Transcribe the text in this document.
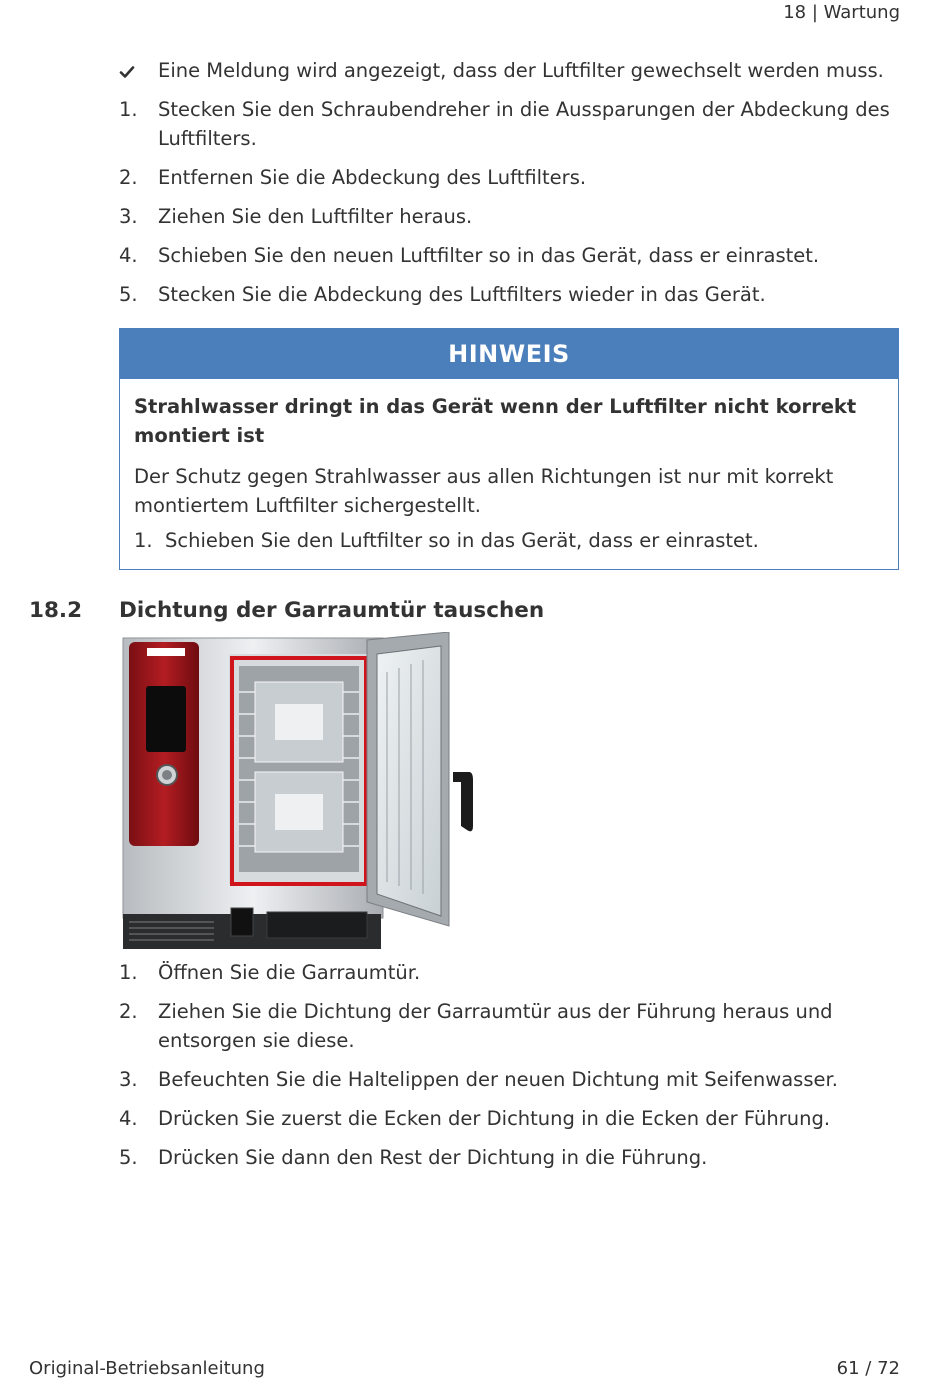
18 | Wartung
Eine Meldung wird angezeigt, dass der Luftfilter gewechselt werden muss.
1. Stecken Sie den Schraubendreher in die Aussparungen der Abdeckung des Luftfilters.
2. Entfernen Sie die Abdeckung des Luftfilters.
3. Ziehen Sie den Luftfilter heraus.
4. Schieben Sie den neuen Luftfilter so in das Gerät, dass er einrastet.
5. Stecken Sie die Abdeckung des Luftfilters wieder in das Gerät.
HINWEIS
Strahlwasser dringt in das Gerät wenn der Luftfilter nicht korrekt montiert ist
Der Schutz gegen Strahlwasser aus allen Richtungen ist nur mit korrekt montiertem Luftfilter sichergestellt.
1. Schieben Sie den Luftfilter so in das Gerät, dass er einrastet.
18.2 Dichtung der Garraumtür tauschen
1. Öffnen Sie die Garraumtür.
2. Ziehen Sie die Dichtung der Garraumtür aus der Führung heraus und entsorgen sie diese.
3. Befeuchten Sie die Haltelippen der neuen Dichtung mit Seifenwasser.
4. Drücken Sie zuerst die Ecken der Dichtung in die Ecken der Führung.
5. Drücken Sie dann den Rest der Dichtung in die Führung.
Original-Betriebsanleitung	61 / 72
